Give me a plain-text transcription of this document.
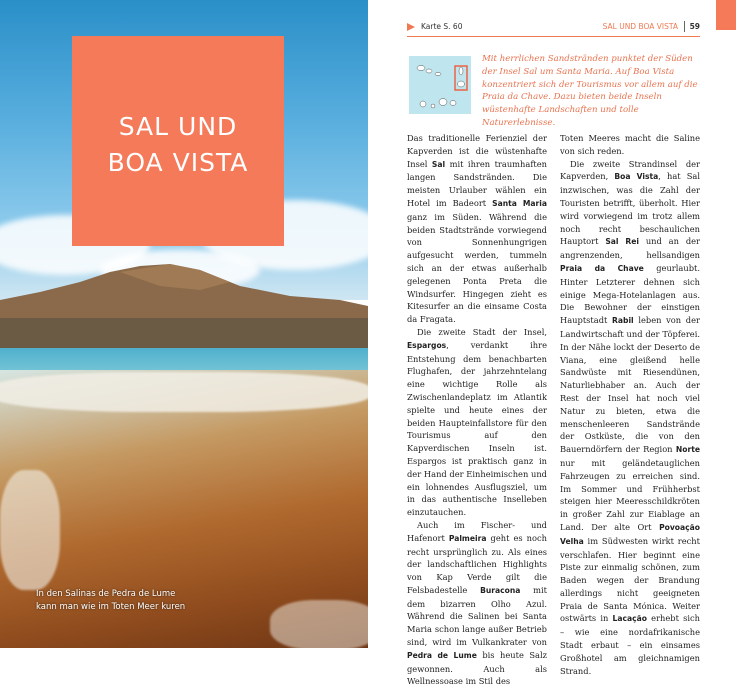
SAL UND
BOA VISTA
In den Salinas de Pedra de Lume
kann man wie im Toten Meer kuren
Karte S. 60	SAL UND BOA VISTA 59
Mit herrlichen Sandstränden punktet der Süden der Insel Sal um Santa Maria. Auf Boa Vista konzentriert sich der Tourismus vor allem auf die Praia da Chave. Dazu bieten beide Inseln wüstenhafte Landschaften und tolle Naturerlebnisse.

Das traditionelle Ferienziel der Kapverden ist die wüstenhafte Insel Sal mit ihren traumhaften langen Sandstränden. Die meisten Urlauber wählen ein Hotel im Badeort Santa Maria ganz im Süden. Während die beiden Stadtstrände vorwiegend von Sonnenhungrigen aufgesucht werden, tummeln sich an der etwas außerhalb gelegenen Ponta Preta die Windsurfer. Hingegen zieht es Kitesurfer an die einsame Costa da Fragata.

Die zweite Stadt der Insel, Espargos, verdankt ihre Entstehung dem benachbarten Flughafen, der jahrzehntelang eine wichtige Rolle als Zwischenlandeplatz im Atlantik spielte und heute eines der beiden Haupteinfallstore für den Tourismus auf den Kapverdischen Inseln ist. Espargos ist praktisch ganz in der Hand der Einheimischen und ein lohnendes Ausflugsziel, um in das authentische Inselleben einzutauchen.

Auch im Fischer- und Hafenort Palmeira geht es noch recht ursprünglich zu. Als eines der landschaftlichen Highlights von Kap Verde gilt die Felsbadestelle Buracona mit dem bizarren Olho Azul. Während die Salinen bei Santa Maria schon lange außer Betrieb sind, wird im Vulkankrater von Pedra de Lume bis heute Salz gewonnen. Auch als Wellnessoase im Stil des

Toten Meeres macht die Saline von sich reden.

Die zweite Strandinsel der Kapverden, Boa Vista, hat Sal inzwischen, was die Zahl der Touristen betrifft, überholt. Hier wird vorwiegend im trotz allem noch recht beschaulichen Hauptort Sal Rei und an der angrenzenden, hellsandigen Praia da Chave geurlaubt. Hinter Letzterer dehnen sich einige Mega-Hotelanlagen aus. Die Bewohner der einstigen Hauptstadt Rabil leben von der Landwirtschaft und der Töpferei. In der Nähe lockt der Deserto de Viana, eine gleißend helle Sandwüste mit Riesendünen, Naturliebhaber an. Auch der Rest der Insel hat noch viel Natur zu bieten, etwa die menschenleeren Sandstrände der Ostküste, die von den Bauerndörfern der Region Norte nur mit geländetauglichen Fahrzeugen zu erreichen sind. Im Sommer und Frühherbst steigen hier Meeresschildkröten in großer Zahl zur Eiablage an Land. Der alte Ort Povoação Velha im Südwesten wirkt recht verschlafen. Hier beginnt eine Piste zur einmalig schönen, zum Baden wegen der Brandung allerdings nicht geeigneten Praia de Santa Mónica. Weiter ostwärts in Lacação erhebt sich – wie eine nordafrikanische Stadt erbaut – ein einsames Großhotel am gleichnamigen Strand.
